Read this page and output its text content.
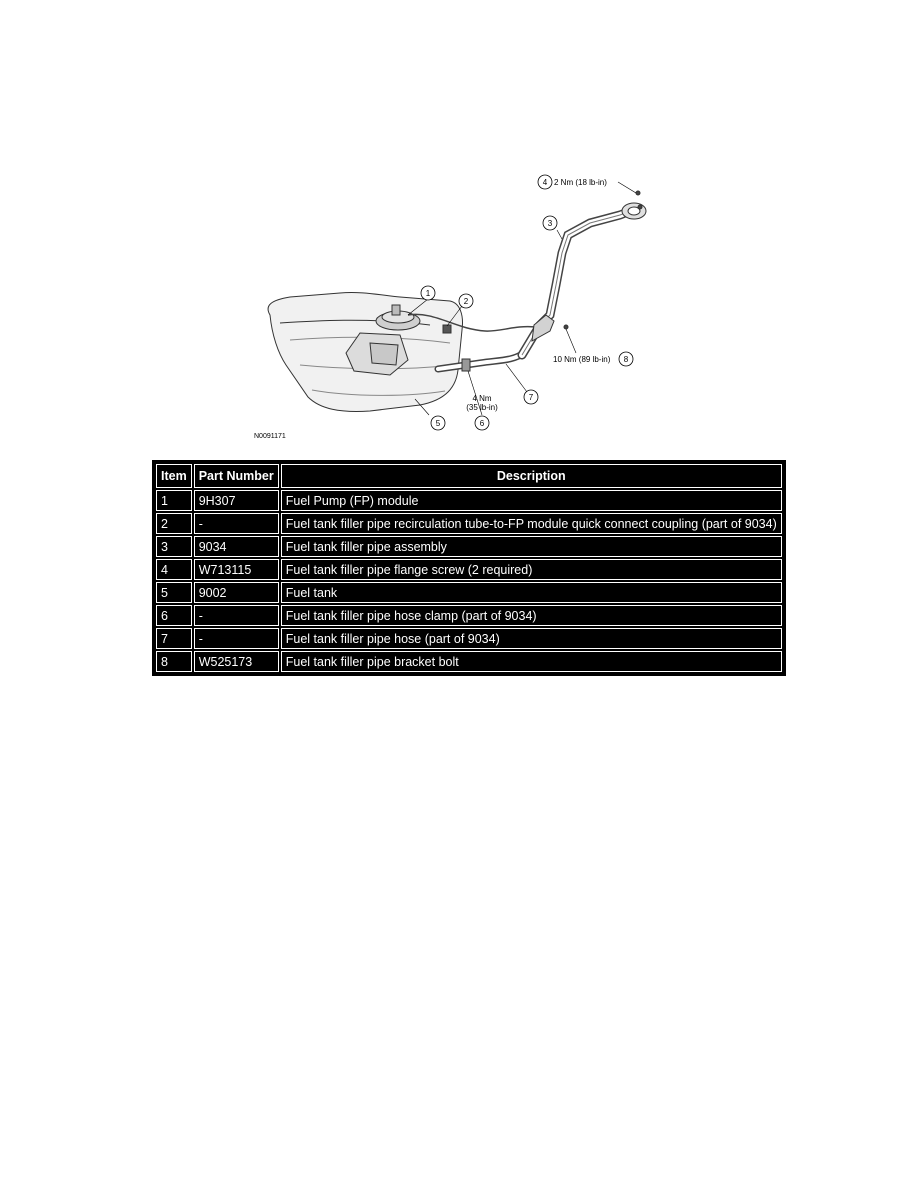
1
2
3
4 2 Nm (18 lb-in)
5
4 Nm
(35 lb-in)
6
7
10 Nm (89 lb-in) 8
N0091171
Item	Part Number	Description
1	9H307	Fuel Pump (FP) module
2	-	Fuel tank filler pipe recirculation tube-to-FP module quick connect coupling (part of 9034)
3	9034	Fuel tank filler pipe assembly
4	W713115	Fuel tank filler pipe flange screw (2 required)
5	9002	Fuel tank
6	-	Fuel tank filler pipe hose clamp (part of 9034)
7	-	Fuel tank filler pipe hose (part of 9034)
8	W525173	Fuel tank filler pipe bracket bolt
